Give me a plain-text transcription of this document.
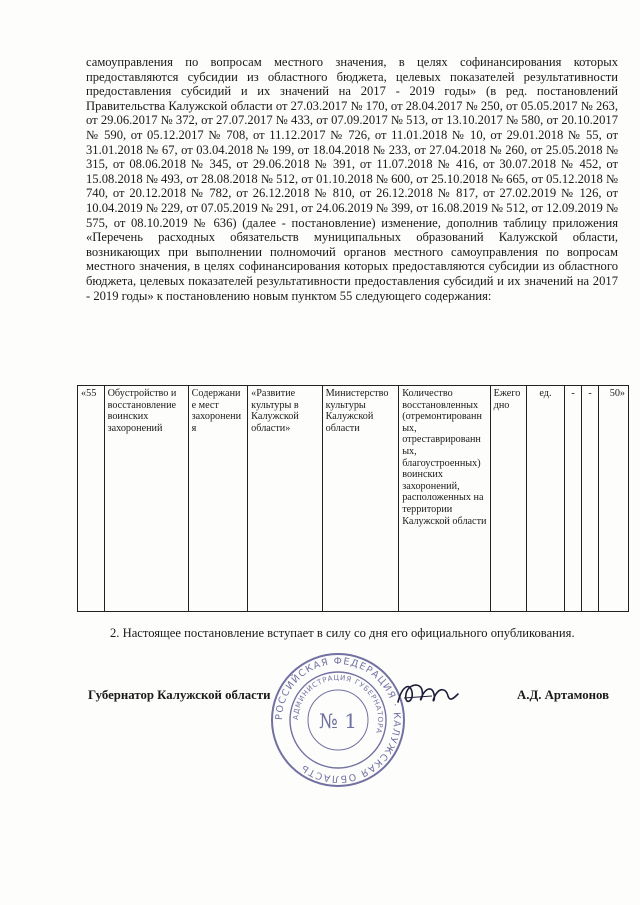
самоуправления по вопросам местного значения, в целях софинансирования которых предоставляются субсидии из областного бюджета, целевых показателей результативности предоставления субсидий и их значений на 2017 - 2019 годы» (в ред. постановлений Правительства Калужской области от 27.03.2017 № 170, от 28.04.2017 № 250, от 05.05.2017 № 263, от 29.06.2017 № 372, от 27.07.2017 № 433, от 07.09.2017 № 513, от 13.10.2017 № 580, от 20.10.2017 № 590, от 05.12.2017 № 708, от 11.12.2017 № 726, от 11.01.2018 № 10, от 29.01.2018 № 55, от 31.01.2018 № 67, от 03.04.2018 № 199, от 18.04.2018 № 233, от 27.04.2018 № 260, от 25.05.2018 № 315, от 08.06.2018 № 345, от 29.06.2018 № 391, от 11.07.2018 № 416, от 30.07.2018 № 452, от 15.08.2018 № 493, от 28.08.2018 № 512, от 01.10.2018 № 600, от 25.10.2018 № 665, от 05.12.2018 № 740, от 20.12.2018 № 782, от 26.12.2018 № 810, от 26.12.2018 № 817, от 27.02.2019 № 126, от 10.04.2019 № 229, от 07.05.2019 № 291, от 24.06.2019 № 399, от 16.08.2019 № 512, от 12.09.2019 № 575, от 08.10.2019 № 636) (далее - постановление) изменение, дополнив таблицу приложения «Перечень расходных обязательств муниципальных образований Калужской области, возникающих при выполнении полномочий органов местного самоуправления по вопросам местного значения, в целях софинансирования которых предоставляются субсидии из областного бюджета, целевых показателей результативности предоставления субсидий и их значений на 2017 - 2019 годы» к постановлению новым пунктом 55 следующего содержания:

«55	Обустройство и восстановление воинских захоронений	Содержание мест захоронения	«Развитие культуры в Калужской области»	Министерство культуры Калужской области	Количество восстановленных (отремонтированных, отреставрированных, благоустроенных) воинских захоронений, расположенных на территории Калужской области	Ежегодно	ед.	-	-	50»

2. Настоящее постановление вступает в силу со дня его официального опубликования.

РОССИЙСКАЯ ФЕДЕРАЦИЯ · КАЛУЖСКАЯ ОБЛАСТЬ
АДМИНИСТРАЦИЯ ГУБЕРНАТОРА
№ 1
Губернатор Калужской области	А.Д. Артамонов
